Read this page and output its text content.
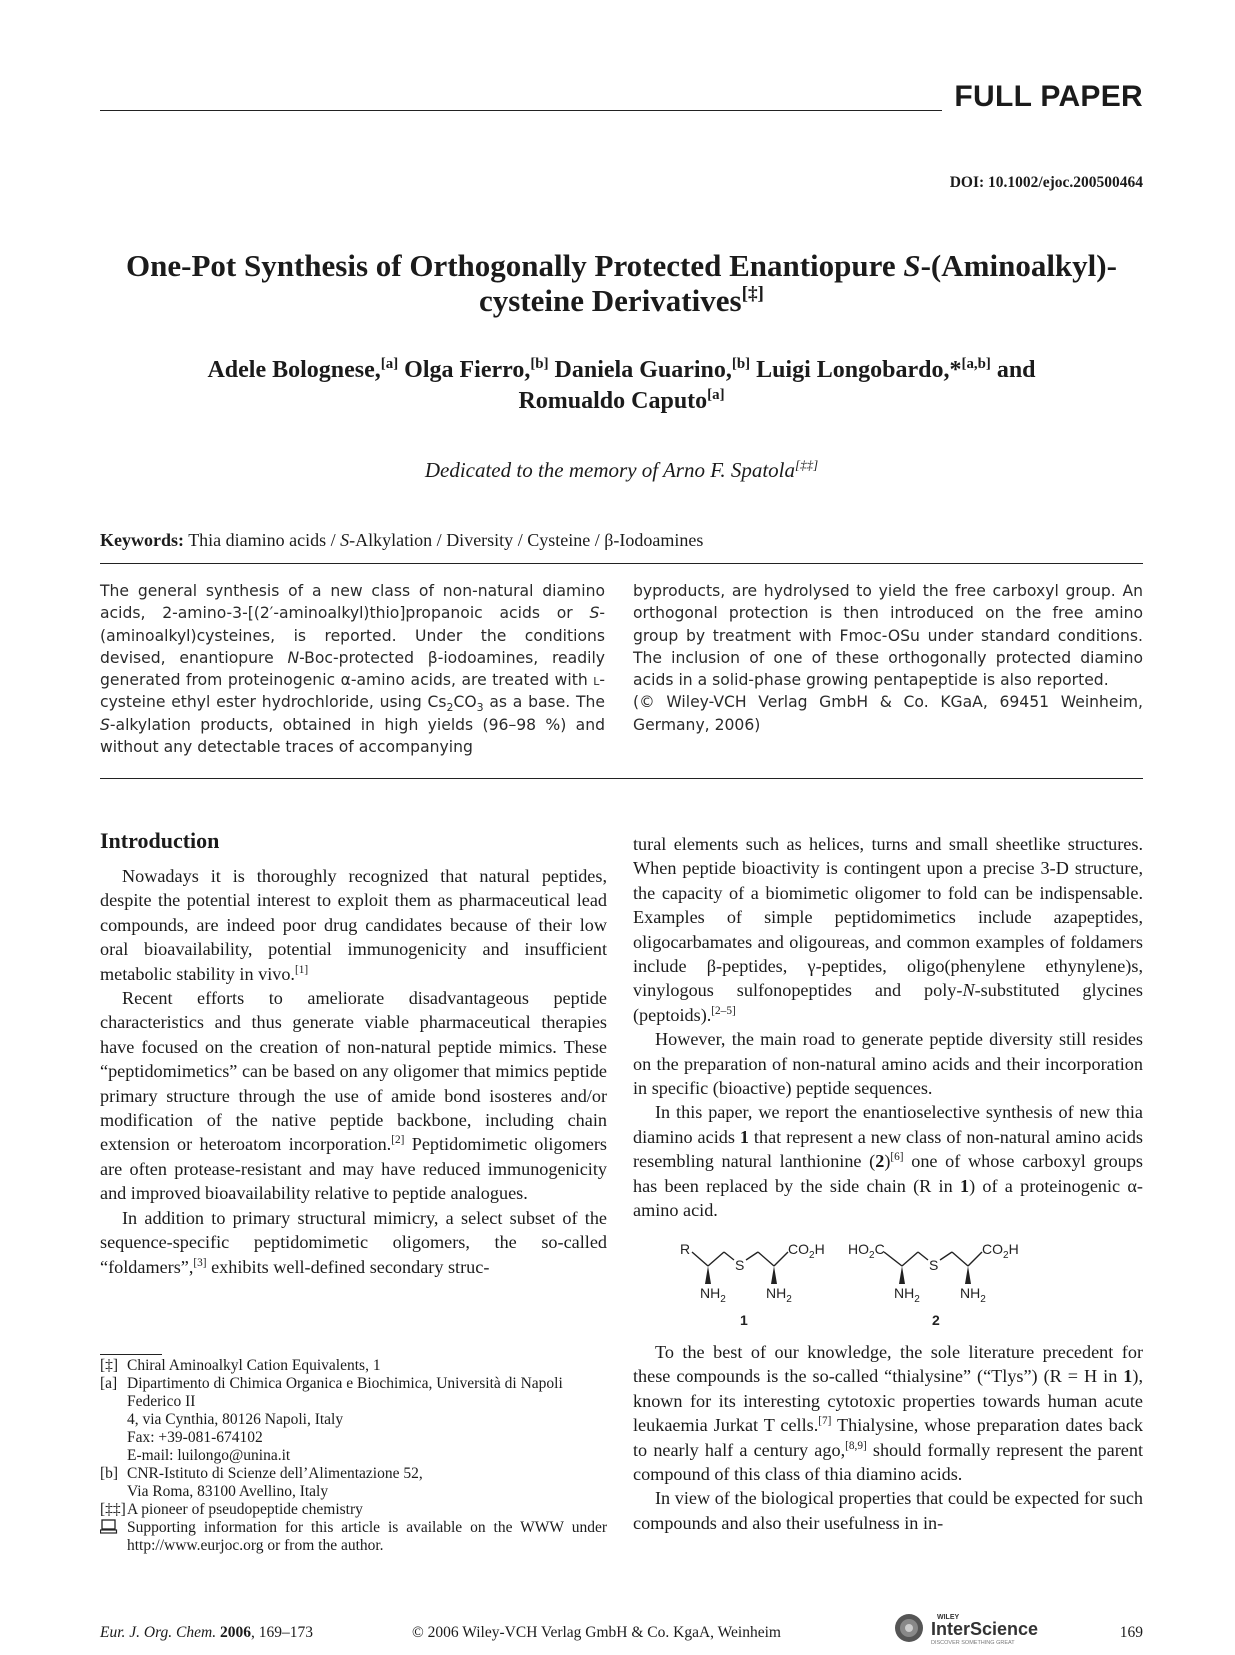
FULL PAPER
DOI: 10.1002/ejoc.200500464
One-Pot Synthesis of Orthogonally Protected Enantiopure S-(Aminoalkyl)-
cysteine Derivatives[‡]
Adele Bolognese,[a] Olga Fierro,[b] Daniela Guarino,[b] Luigi Longobardo,*[a,b] and
Romualdo Caputo[a]
Dedicated to the memory of Arno F. Spatola[‡‡]
Keywords: Thia diamino acids / S-Alkylation / Diversity / Cysteine / β-Iodoamines

The general synthesis of a new class of non-natural diamino acids, 2-amino-3-[(2′-aminoalkyl)thio]propanoic acids or S-(aminoalkyl)cysteines, is reported. Under the conditions devised, enantiopure N-Boc-protected β-iodoamines, readily generated from proteinogenic α-amino acids, are treated with l-cysteine ethyl ester hydrochloride, using $Cs_2CO_3$ as a base. The S-alkylation products, obtained in high yields (96–98 %) and without any detectable traces of accompanying

byproducts, are hydrolysed to yield the free carboxyl group. An orthogonal protection is then introduced on the free amino group by treatment with Fmoc-OSu under standard conditions. The inclusion of one of these orthogonally protected diamino acids in a solid-phase growing pentapeptide is also reported.

(© Wiley-VCH Verlag GmbH & Co. KGaA, 69451 Weinheim, Germany, 2006)

Introduction

Nowadays it is thoroughly recognized that natural peptides, despite the potential interest to exploit them as pharmaceutical lead compounds, are indeed poor drug candidates because of their low oral bioavailability, potential immunogenicity and insufficient metabolic stability in vivo.[1]

Recent efforts to ameliorate disadvantageous peptide characteristics and thus generate viable pharmaceutical therapies have focused on the creation of non-natural peptide mimics. These “peptidomimetics” can be based on any oligomer that mimics peptide primary structure through the use of amide bond isosteres and/or modification of the native peptide backbone, including chain extension or heteroatom incorporation.[2] Peptidomimetic oligomers are often protease-resistant and may have reduced immunogenicity and improved bioavailability relative to peptide analogues.

In addition to primary structural mimicry, a select subset of the sequence-specific peptidomimetic oligomers, the so-called “foldamers”,[3] exhibits well-defined secondary struc-

tural elements such as helices, turns and small sheetlike structures. When peptide bioactivity is contingent upon a precise 3-D structure, the capacity of a biomimetic oligomer to fold can be indispensable. Examples of simple peptidomimetics include azapeptides, oligocarbamates and oligoureas, and common examples of foldamers include β-peptides, γ-peptides, oligo(phenylene ethynylene)s, vinylogous sulfonopeptides and poly-N-substituted glycines (peptoids).[2–5]

However, the main road to generate peptide diversity still resides on the preparation of non-natural amino acids and their incorporation in specific (bioactive) peptide sequences.

In this paper, we report the enantioselective synthesis of new thia diamino acids 1 that represent a new class of non-natural amino acids resembling natural lanthionine (2)[6] one of whose carboxyl groups has been replaced by the side chain (R in 1) of a proteinogenic α-amino acid.

R
S
$CO_2H$
$NH_2$	$NH_2$
1
$HO_2C$
S
$CO_2H$
$NH_2$	$NH_2$
2

To the best of our knowledge, the sole literature precedent for these compounds is the so-called “thialysine” (“Tlys”) (R = H in 1), known for its interesting cytotoxic properties towards human acute leukaemia Jurkat T cells.[7] Thialysine, whose preparation dates back to nearly half a century ago,[8,9] should formally represent the parent compound of this class of thia diamino acids.

In view of the biological properties that could be expected for such compounds and also their usefulness in in-

[‡] Chiral Aminoalkyl Cation Equivalents, 1
[a] Dipartimento di Chimica Organica e Biochimica, Università di Napoli Federico II
4, via Cynthia, 80126 Napoli, Italy
Fax: +39-081-674102
E-mail: luilongo@unina.it
[b] CNR-Istituto di Scienze dell’Alimentazione 52,
Via Roma, 83100 Avellino, Italy
[‡‡] A pioneer of pseudopeptide chemistry
Supporting information for this article is available on the WWW under http://www.eurjoc.org or from the author.
Eur. J. Org. Chem. 2006, 169–173	© 2006 Wiley-VCH Verlag GmbH & Co. KgaA, Weinheim
WILEY
InterScience
DISCOVER SOMETHING GREAT
169
